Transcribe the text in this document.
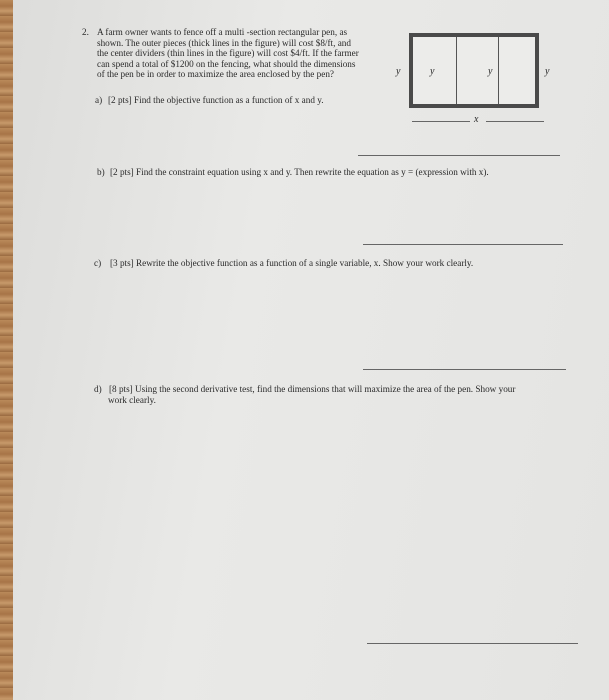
2. A farm owner wants to fence off a multi -section rectangular pen, as
shown. The outer pieces (thick lines in the figure) will cost $8/ft, and
the center dividers (thin lines in the figure) will cost $4/ft. If the farmer
can spend a total of $1200 on the fencing, what should the dimensions
of the pen be in order to maximize the area enclosed by the pen?	y	y	y	y
x
a) [2 pts] Find the objective function as a function of x and y.
b) [2 pts] Find the constraint equation using x and y. Then rewrite the equation as y = (expression with x).
c) [3 pts] Rewrite the objective function as a function of a single variable, x. Show your work clearly.
d) [8 pts] Using the second derivative test, find the dimensions that will maximize the area of the pen. Show your
work clearly.
